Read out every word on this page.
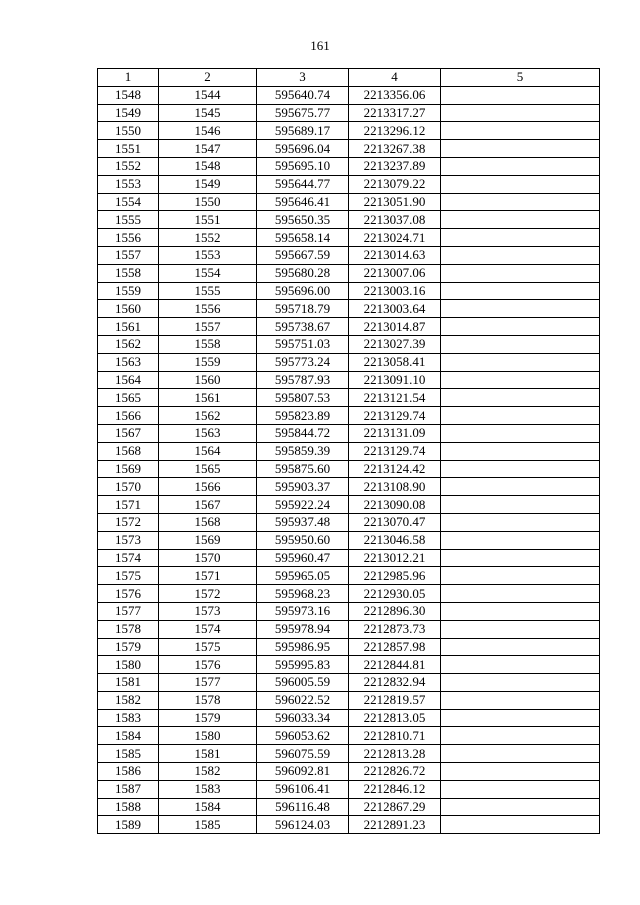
161
1	2	3	4	5
1548	1544	595640.74	2213356.06	
1549	1545	595675.77	2213317.27	
1550	1546	595689.17	2213296.12	
1551	1547	595696.04	2213267.38	
1552	1548	595695.10	2213237.89	
1553	1549	595644.77	2213079.22	
1554	1550	595646.41	2213051.90	
1555	1551	595650.35	2213037.08	
1556	1552	595658.14	2213024.71	
1557	1553	595667.59	2213014.63	
1558	1554	595680.28	2213007.06	
1559	1555	595696.00	2213003.16	
1560	1556	595718.79	2213003.64	
1561	1557	595738.67	2213014.87	
1562	1558	595751.03	2213027.39	
1563	1559	595773.24	2213058.41	
1564	1560	595787.93	2213091.10	
1565	1561	595807.53	2213121.54	
1566	1562	595823.89	2213129.74	
1567	1563	595844.72	2213131.09	
1568	1564	595859.39	2213129.74	
1569	1565	595875.60	2213124.42	
1570	1566	595903.37	2213108.90	
1571	1567	595922.24	2213090.08	
1572	1568	595937.48	2213070.47	
1573	1569	595950.60	2213046.58	
1574	1570	595960.47	2213012.21	
1575	1571	595965.05	2212985.96	
1576	1572	595968.23	2212930.05	
1577	1573	595973.16	2212896.30	
1578	1574	595978.94	2212873.73	
1579	1575	595986.95	2212857.98	
1580	1576	595995.83	2212844.81	
1581	1577	596005.59	2212832.94	
1582	1578	596022.52	2212819.57	
1583	1579	596033.34	2212813.05	
1584	1580	596053.62	2212810.71	
1585	1581	596075.59	2212813.28	
1586	1582	596092.81	2212826.72	
1587	1583	596106.41	2212846.12	
1588	1584	596116.48	2212867.29	
1589	1585	596124.03	2212891.23	
